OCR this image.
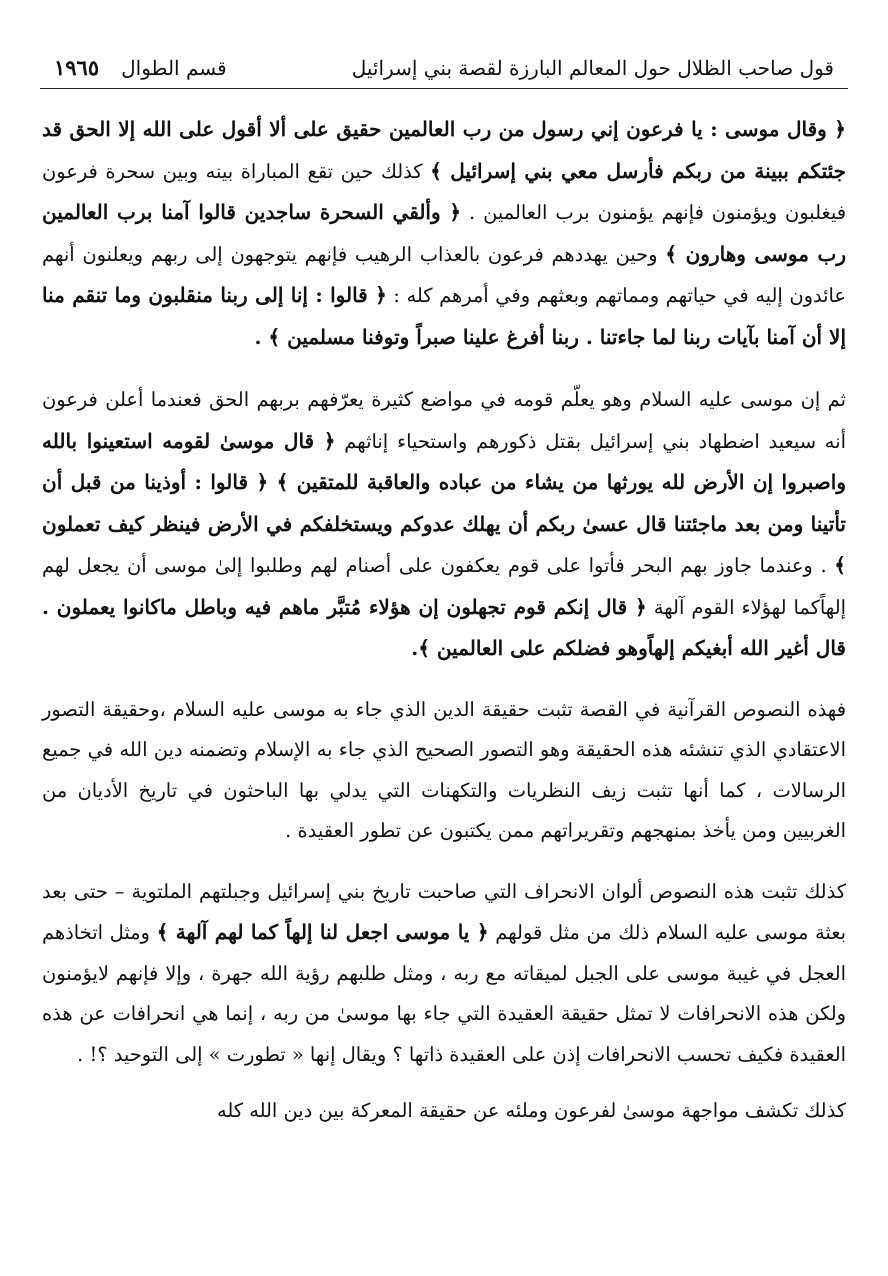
قول صاحب الظلال حول المعالم البارزة لقصة بني إسرائيل
قسم الطوال
١٩٦٥

﴿ وقال موسى : يا فرعون إني رسول من رب العالمين حقيق على ألا أقول على الله إلا الحق قد جئتكم ببينة من ربكم فأرسل معي بني إسرائيل ﴾ كذلك حين تقع المباراة بينه وبين سحرة فرعون فيغلبون ويؤمنون فإنهم يؤمنون برب العالمين . ﴿ وألقي السحرة ساجدين قالوا آمنا برب العالمين رب موسى وهارون ﴾ وحين يهددهم فرعون بالعذاب الرهيب فإنهم يتوجهون إلى ربهم ويعلنون أنهم عائدون إليه في حياتهم ومماتهم وبعثهم وفي أمرهم كله : ﴿ قالوا : إنا إلى ربنا منقلبون وما تنقم منا إلا أن آمنا بآيات ربنا لما جاءتنا . ربنا أفرغ علينا صبراً وتوفنا مسلمين ﴾ .

ثم إن موسى عليه السلام وهو يعلّم قومه في مواضع كثيرة يعرّفهم بربهم الحق فعندما أعلن فرعون أنه سيعيد اضطهاد بني إسرائيل بقتل ذكورهم واستحياء إناثهم ﴿ قال موسىٰ لقومه استعينوا بالله واصبروا إن الأرض لله يورثها من يشاء من عباده والعاقبة للمتقين ﴾ ﴿ قالوا : أوذينا من قبل أن تأتينا ومن بعد ماجئتنا قال عسىٰ ربكم أن يهلك عدوكم ويستخلفكم في الأرض فينظر كيف تعملون ﴾ . وعندما جاوز بهم البحر فأتوا على قوم يعكفون على أصنام لهم وطلبوا إلىٰ موسى أن يجعل لهم إلهاًكما لهؤلاء القوم آلهة ﴿ قال إنكم قوم تجهلون إن هؤلاء مُتبَّر ماهم فيه وباطل ماكانوا يعملون . قال أغير الله أبغيكم إلهاًوهو فضلكم على العالمين ﴾.

فهذه النصوص القرآنية في القصة تثبت حقيقة الدين الذي جاء به موسى عليه السلام ،وحقيقة التصور الاعتقادي الذي تنشئه هذه الحقيقة وهو التصور الصحيح الذي جاء به الإسلام وتضمنه دين الله في جميع الرسالات ، كما أنها تثبت زيف النظريات والتكهنات التي يدلي بها الباحثون في تاريخ الأديان من الغربيين ومن يأخذ بمنهجهم وتقريراتهم ممن يكتبون عن تطور العقيدة .

كذلك تثبت هذه النصوص ألوان الانحراف التي صاحبت تاريخ بني إسرائيل وجبلتهم الملتوية – حتى بعد بعثة موسى عليه السلام ذلك من مثل قولهم ﴿ يا موسى اجعل لنا إلهاً كما لهم آلهة ﴾ ومثل اتخاذهم العجل في غيبة موسى على الجبل لميقاته مع ربه ، ومثل طلبهم رؤية الله جهرة ، وإلا فإنهم لايؤمنون ولكن هذه الانحرافات لا تمثل حقيقة العقيدة التي جاء بها موسىٰ من ربه ، إنما هي انحرافات عن هذه العقيدة فكيف تحسب الانحرافات إذن على العقيدة ذاتها ؟ ويقال إنها « تطورت » إلى التوحيد ؟! .

كذلك تكشف مواجهة موسىٰ لفرعون وملئه عن حقيقة المعركة بين دين الله كله
